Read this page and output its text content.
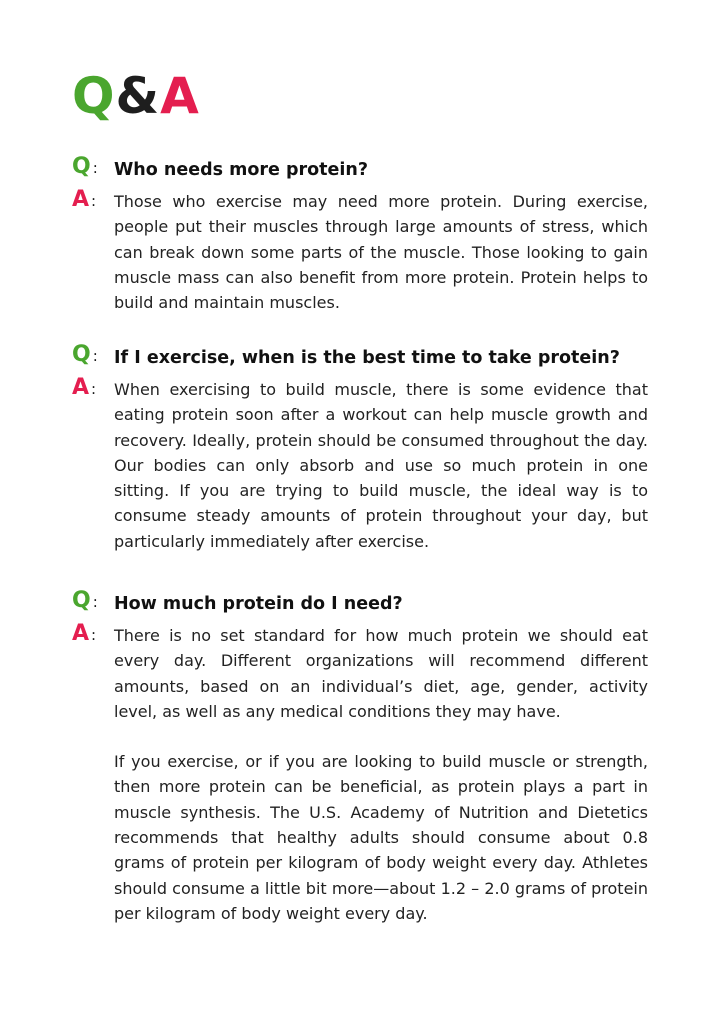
Q&A
Q : Who needs more protein?
A : Those who exercise may need more protein. During exercise, people put their muscles through large amounts of stress, which can break down some parts of the muscle. Those looking to gain muscle mass can also benefit from more protein. Protein helps to build and maintain muscles.

Q : If I exercise, when is the best time to take protein?
A : When exercising to build muscle, there is some evidence that eating protein soon after a workout can help muscle growth and recovery. Ideally, protein should be consumed throughout the day. Our bodies can only absorb and use so much protein in one sitting. If you are trying to build muscle, the ideal way is to consume steady amounts of protein throughout your day, but particularly immediately after exercise.

Q : How much protein do I need?
A : There is no set standard for how much protein we should eat every day. Different organizations will recommend different amounts, based on an individual’s diet, age, gender, activity level, as well as any medical conditions they may have.

If you exercise, or if you are looking to build muscle or strength, then more protein can be beneficial, as protein plays a part in muscle synthesis. The U.S. Academy of Nutrition and Dietetics recommends that healthy adults should consume about 0.8 grams of protein per kilogram of body weight every day. Athletes should consume a little bit more—about 1.2 – 2.0 grams of protein per kilogram of body weight every day.
